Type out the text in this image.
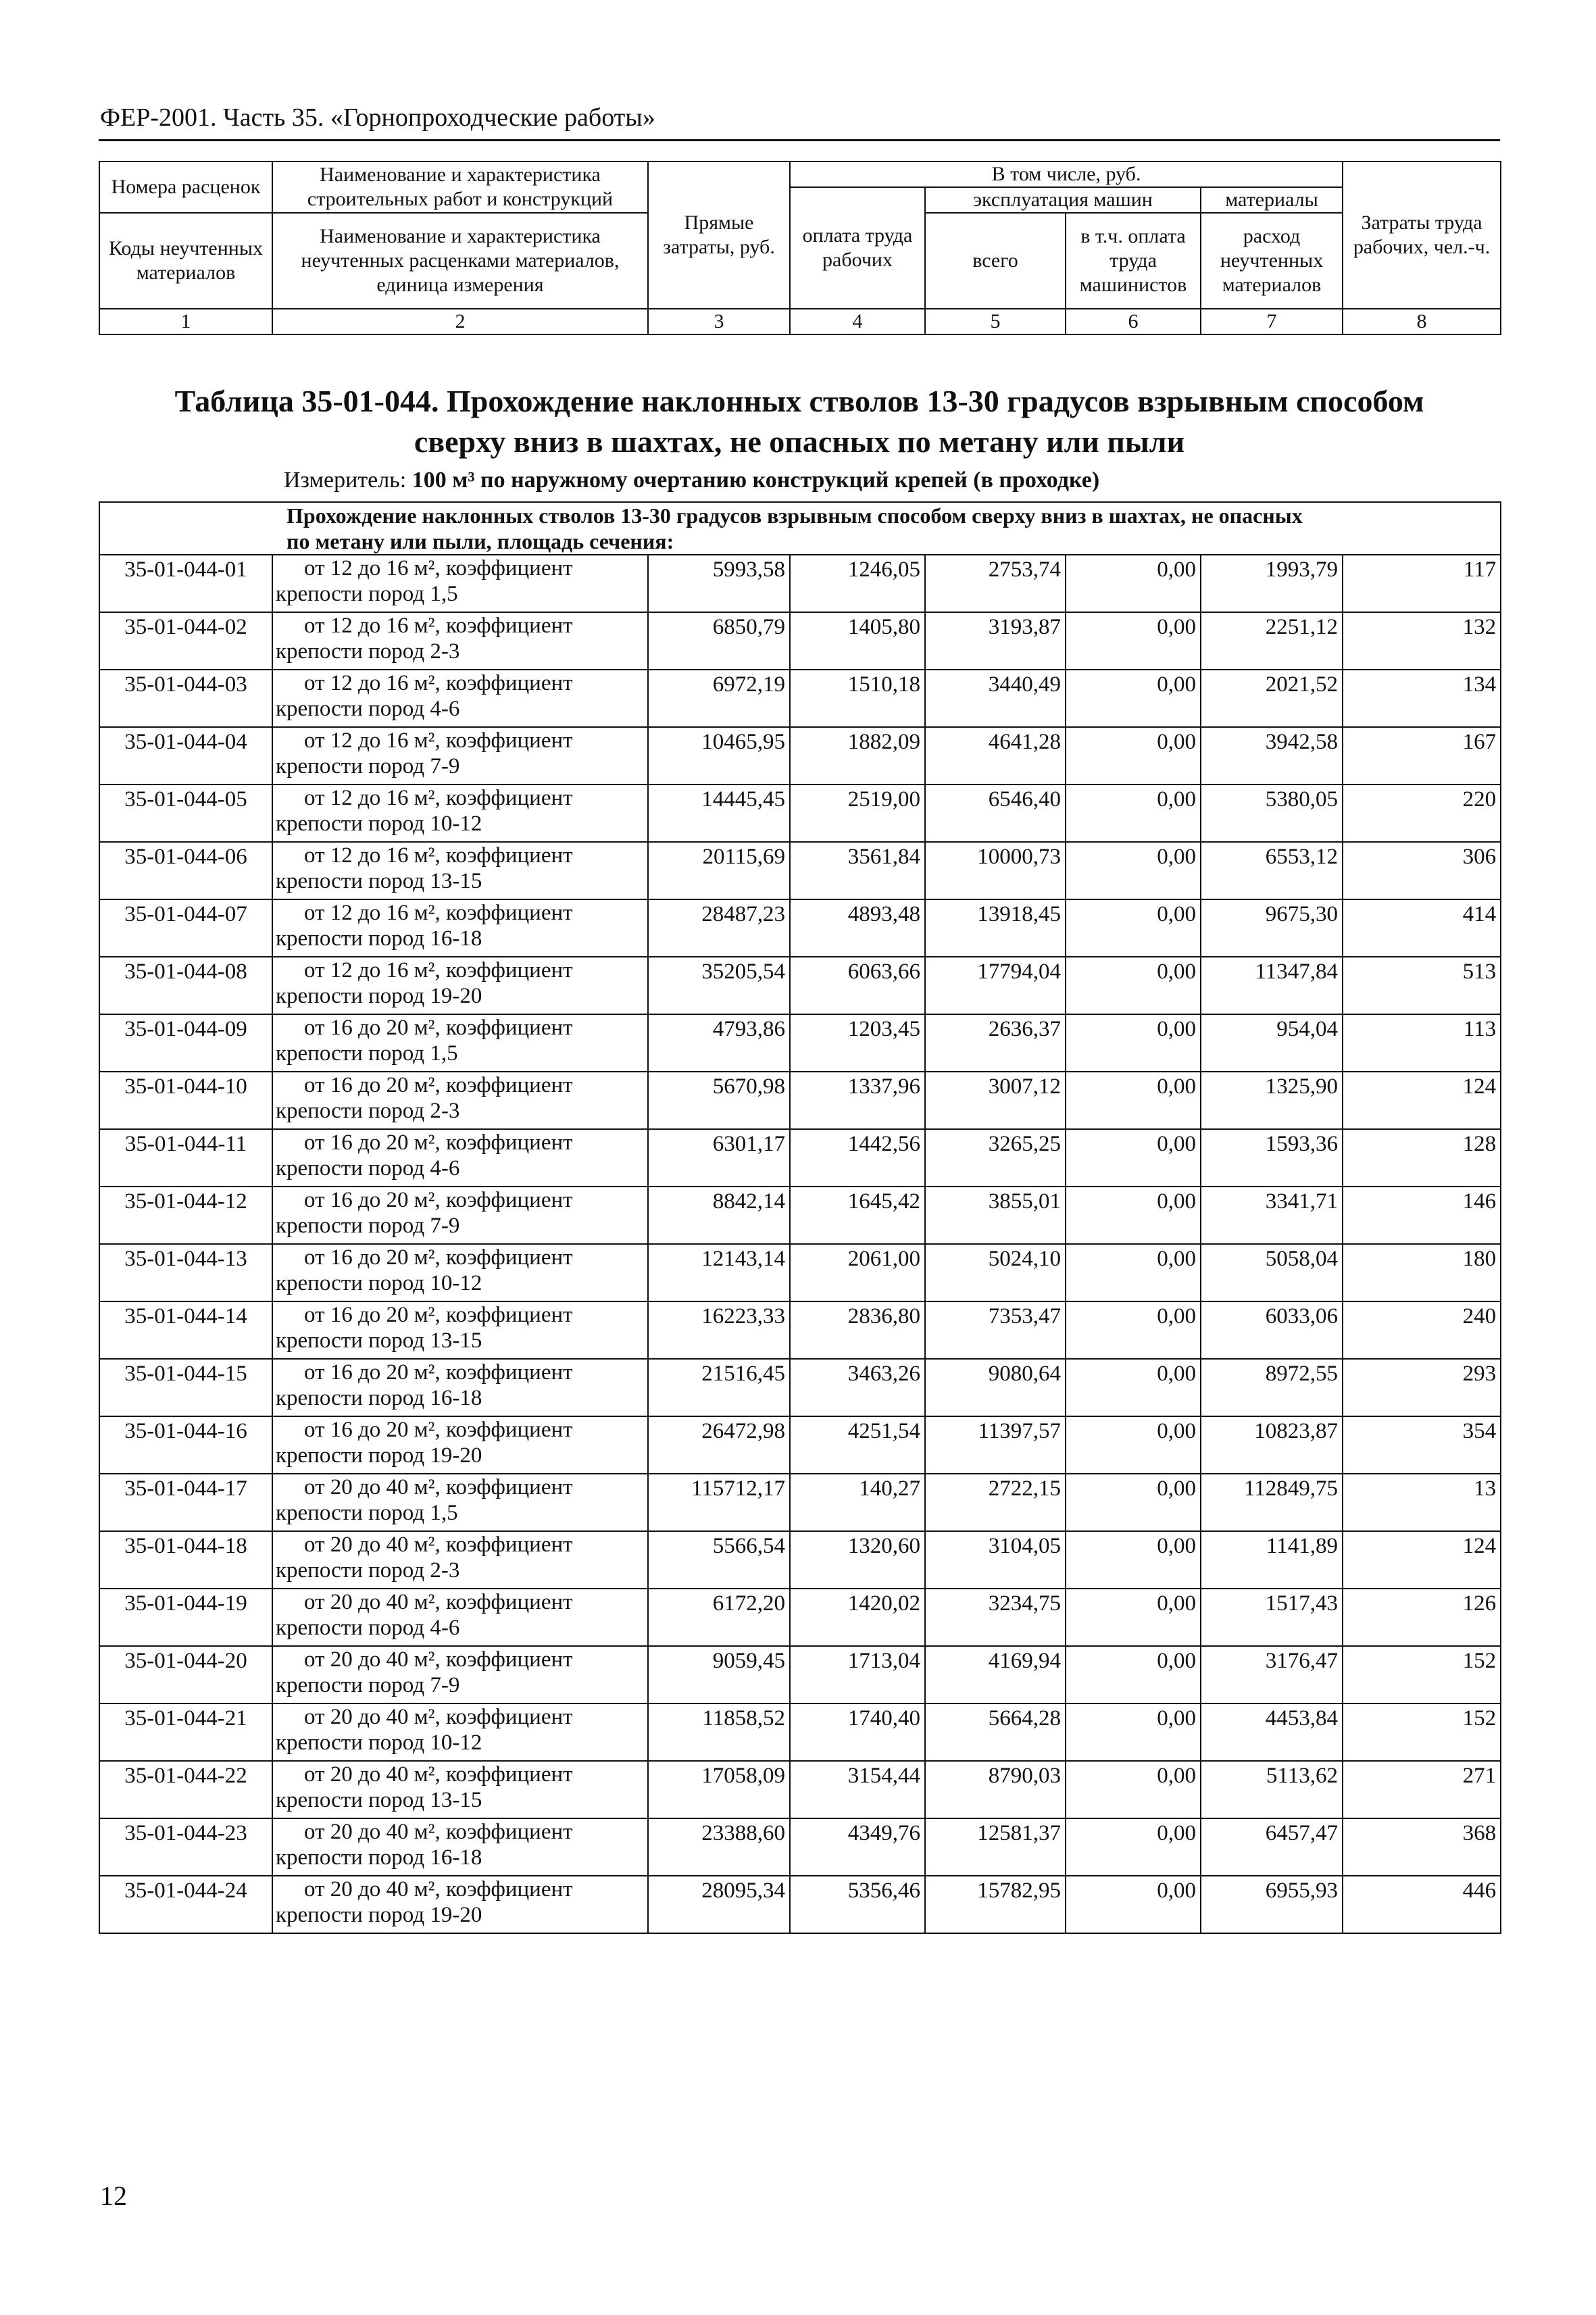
ФЕР-2001. Часть 35. «Горнопроходческие работы»
Номера расценок	Наименование и характеристика строительных работ и конструкций	Прямые затраты, руб.	В том числе, руб.				Затраты труда рабочих, чел.-ч.
			оплата труда рабочих	эксплуатация машин		материалы	
Коды неучтенных материалов	Наименование и характеристика неучтенных расценками материалов, единица измерения			всего	в т.ч. оплата труда машинистов	расход неучтенных материалов	

1	2	3	4	5	6	7	8
Таблица 35-01-044. Прохождение наклонных стволов 13-30 градусов взрывным способом
сверху вниз в шахтах, не опасных по метану или пыли
Измеритель: 100 м³ по наружному очертанию конструкций крепей (в проходке)
Прохождение наклонных стволов 13-30 градусов взрывным способом сверху вниз в шахтах, не опасных
по метану или пыли, площадь сечения:							

35-01-044-01	от 12 до 16 м², коэффициент
крепости пород 1,5	5993,58	1246,05	2753,74	0,00	1993,79	117
35-01-044-02	от 12 до 16 м², коэффициент
крепости пород 2-3	6850,79	1405,80	3193,87	0,00	2251,12	132
35-01-044-03	от 12 до 16 м², коэффициент
крепости пород 4-6	6972,19	1510,18	3440,49	0,00	2021,52	134
35-01-044-04	от 12 до 16 м², коэффициент
крепости пород 7-9	10465,95	1882,09	4641,28	0,00	3942,58	167
35-01-044-05	от 12 до 16 м², коэффициент
крепости пород 10-12	14445,45	2519,00	6546,40	0,00	5380,05	220
35-01-044-06	от 12 до 16 м², коэффициент
крепости пород 13-15	20115,69	3561,84	10000,73	0,00	6553,12	306
35-01-044-07	от 12 до 16 м², коэффициент
крепости пород 16-18	28487,23	4893,48	13918,45	0,00	9675,30	414
35-01-044-08	от 12 до 16 м², коэффициент
крепости пород 19-20	35205,54	6063,66	17794,04	0,00	11347,84	513
35-01-044-09	от 16 до 20 м², коэффициент
крепости пород 1,5	4793,86	1203,45	2636,37	0,00	954,04	113
35-01-044-10	от 16 до 20 м², коэффициент
крепости пород 2-3	5670,98	1337,96	3007,12	0,00	1325,90	124
35-01-044-11	от 16 до 20 м², коэффициент
крепости пород 4-6	6301,17	1442,56	3265,25	0,00	1593,36	128
35-01-044-12	от 16 до 20 м², коэффициент
крепости пород 7-9	8842,14	1645,42	3855,01	0,00	3341,71	146
35-01-044-13	от 16 до 20 м², коэффициент
крепости пород 10-12	12143,14	2061,00	5024,10	0,00	5058,04	180
35-01-044-14	от 16 до 20 м², коэффициент
крепости пород 13-15	16223,33	2836,80	7353,47	0,00	6033,06	240
35-01-044-15	от 16 до 20 м², коэффициент
крепости пород 16-18	21516,45	3463,26	9080,64	0,00	8972,55	293
35-01-044-16	от 16 до 20 м², коэффициент
крепости пород 19-20	26472,98	4251,54	11397,57	0,00	10823,87	354
35-01-044-17	от 20 до 40 м², коэффициент
крепости пород 1,5	115712,17	140,27	2722,15	0,00	112849,75	13
35-01-044-18	от 20 до 40 м², коэффициент
крепости пород 2-3	5566,54	1320,60	3104,05	0,00	1141,89	124
35-01-044-19	от 20 до 40 м², коэффициент
крепости пород 4-6	6172,20	1420,02	3234,75	0,00	1517,43	126
35-01-044-20	от 20 до 40 м², коэффициент
крепости пород 7-9	9059,45	1713,04	4169,94	0,00	3176,47	152
35-01-044-21	от 20 до 40 м², коэффициент
крепости пород 10-12	11858,52	1740,40	5664,28	0,00	4453,84	152
35-01-044-22	от 20 до 40 м², коэффициент
крепости пород 13-15	17058,09	3154,44	8790,03	0,00	5113,62	271
35-01-044-23	от 20 до 40 м², коэффициент
крепости пород 16-18	23388,60	4349,76	12581,37	0,00	6457,47	368
35-01-044-24	от 20 до 40 м², коэффициент
крепости пород 19-20	28095,34	5356,46	15782,95	0,00	6955,93	446
12
